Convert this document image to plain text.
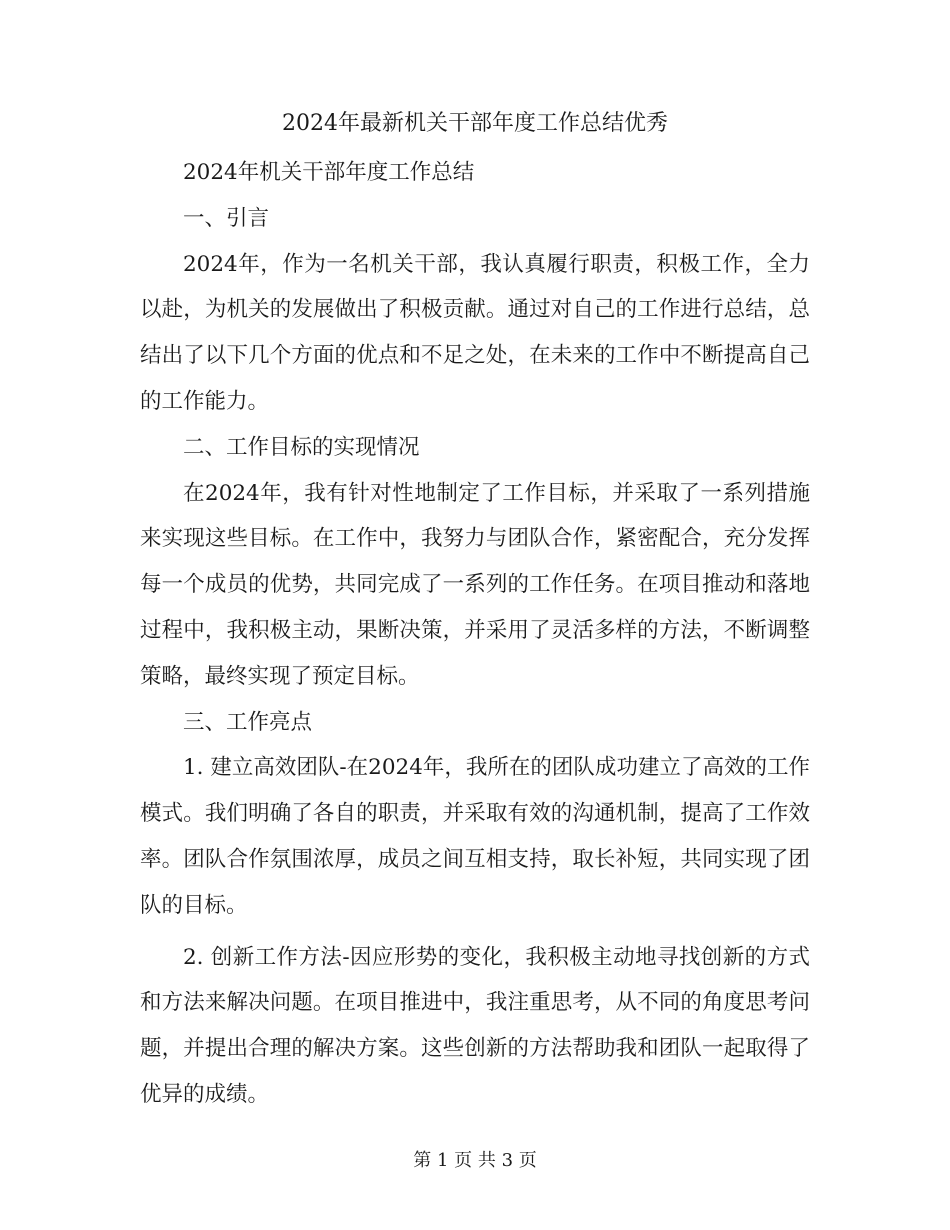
2024年最新机关干部年度工作总结优秀

2024年机关干部年度工作总结

一、引言

2024年，作为一名机关干部，我认真履行职责，积极工作，全力以赴，为机关的发展做出了积极贡献。通过对自己的工作进行总结，总结出了以下几个方面的优点和不足之处，在未来的工作中不断提高自己的工作能力。

二、工作目标的实现情况

在2024年，我有针对性地制定了工作目标，并采取了一系列措施来实现这些目标。在工作中，我努力与团队合作，紧密配合，充分发挥每一个成员的优势，共同完成了一系列的工作任务。在项目推动和落地过程中，我积极主动，果断决策，并采用了灵活多样的方法，不断调整策略，最终实现了预定目标。

三、工作亮点

1. 建立高效团队-在2024年，我所在的团队成功建立了高效的工作模式。我们明确了各自的职责，并采取有效的沟通机制，提高了工作效率。团队合作氛围浓厚，成员之间互相支持，取长补短，共同实现了团队的目标。

2. 创新工作方法-因应形势的变化，我积极主动地寻找创新的方式和方法来解决问题。在项目推进中，我注重思考，从不同的角度思考问题，并提出合理的解决方案。这些创新的方法帮助我和团队一起取得了优异的成绩。

第 1 页 共 3 页
